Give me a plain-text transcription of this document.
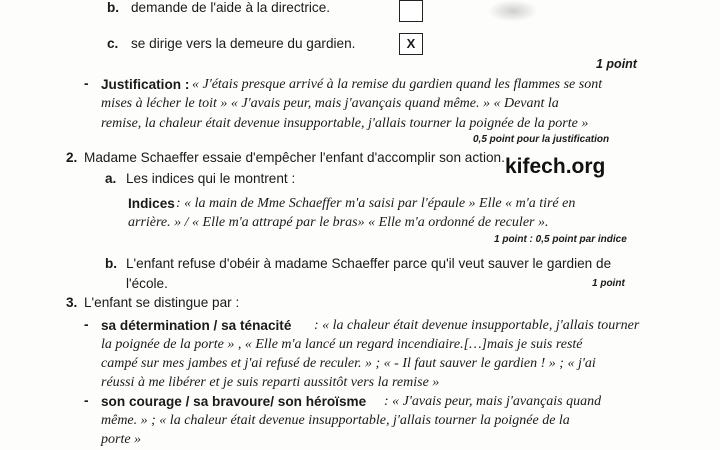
b. demande de l'aide à la directrice.
c. se dirige vers la demeure du gardien.	X
1 point
- Justification : « J'étais presque arrivé à la remise du gardien quand les flammes se sont
mises à lécher le toit » « J'avais peur, mais j'avançais quand même. » « Devant la
remise, la chaleur était devenue insupportable, j'allais tourner la poignée de la porte »
0,5 point pour la justification
2. Madame Schaeffer essaie d'empêcher l'enfant d'accomplir son action. kifech.org
a. Les indices qui le montrent :
Indices : « la main de Mme Schaeffer m'a saisi par l'épaule » Elle « m'a tiré en
arrière. » / « Elle m'a attrapé par le bras» « Elle m'a ordonné de reculer ».
1 point : 0,5 point par indice
b. L'enfant refuse d'obéir à madame Schaeffer parce qu'il veut sauver le gardien de
l'école.	1 point
3. L'enfant se distingue par :
- sa détermination / sa ténacité : « la chaleur était devenue insupportable, j'allais tourner
la poignée de la porte » , « Elle m'a lancé un regard incendiaire.[…]mais je suis resté
campé sur mes jambes et j'ai refusé de reculer. » ; « - Il faut sauver le gardien ! » ; « j'ai
réussi à me libérer et je suis reparti aussitôt vers la remise »
- son courage / sa bravoure/ son héroïsme : « J'avais peur, mais j'avançais quand
même. » ; « la chaleur était devenue insupportable, j'allais tourner la poignée de la
porte »
